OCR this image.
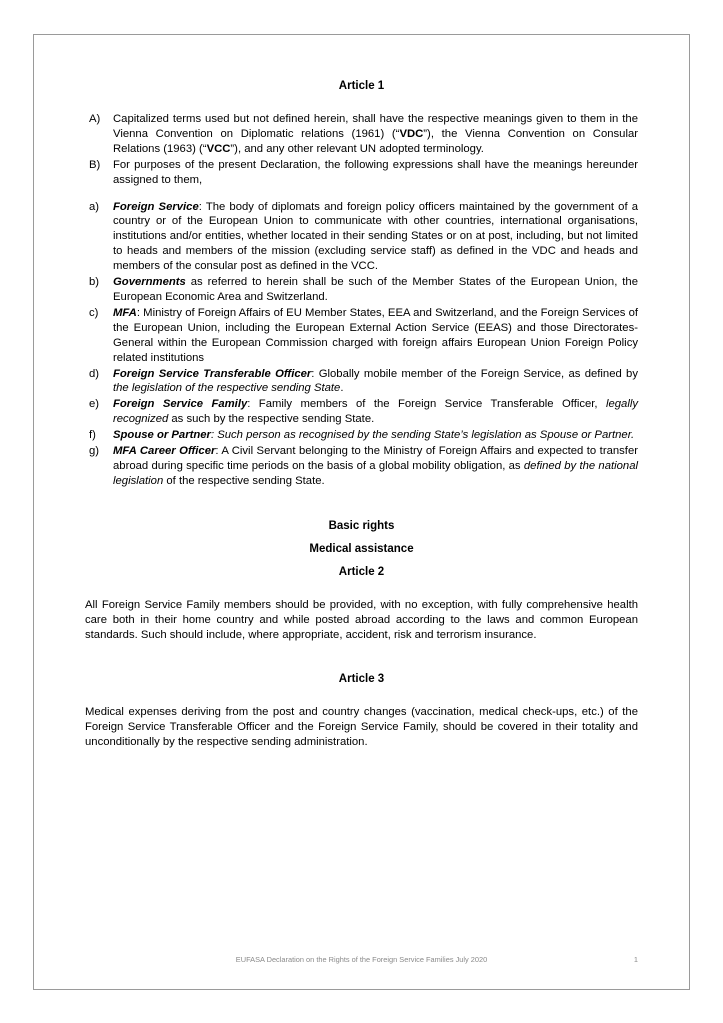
Article 1
A)	Capitalized terms used but not defined herein, shall have the respective meanings given to them in the Vienna Convention on Diplomatic relations (1961) (“VDC”), the Vienna Convention on Consular Relations (1963) (“VCC”), and any other relevant UN adopted terminology.
B)	For purposes of the present Declaration, the following expressions shall have the meanings hereunder assigned to them,
a)	Foreign Service: The body of diplomats and foreign policy officers maintained by the government of a country or of the European Union to communicate with other countries, international organisations, institutions and/or entities, whether located in their sending States or on at post, including, but not limited to heads and members of the mission (excluding service staff) as defined in the VDC and heads and members of the consular post as defined in the VCC.
b)	Governments as referred to herein shall be such of the Member States of the European Union, the European Economic Area and Switzerland.
c)	MFA: Ministry of Foreign Affairs of EU Member States, EEA and Switzerland, and the Foreign Services of the European Union, including the European External Action Service (EEAS) and those Directorates-General within the European Commission charged with foreign affairs European Union Foreign Policy related institutions
d)	Foreign Service Transferable Officer: Globally mobile member of the Foreign Service, as defined by the legislation of the respective sending State.
e)	Foreign Service Family: Family members of the Foreign Service Transferable Officer, legally recognized as such by the respective sending State.
f)	Spouse or Partner: Such person as recognised by the sending State’s legislation as Spouse or Partner.
g)	MFA Career Officer: A Civil Servant belonging to the Ministry of Foreign Affairs and expected to transfer abroad during specific time periods on the basis of a global mobility obligation, as defined by the national legislation of the respective sending State.
Basic rights
Medical assistance
Article 2

All Foreign Service Family members should be provided, with no exception, with fully comprehensive health care both in their home country and while posted abroad according to the laws and common European standards. Such should include, where appropriate, accident, risk and terrorism insurance.

Article 3

Medical expenses deriving from the post and country changes (vaccination, medical check-ups, etc.) of the Foreign Service Transferable Officer and the Foreign Service Family, should be covered in their totality and unconditionally by the respective sending administration.

EUFASA Declaration on the Rights of the Foreign Service Families July 2020	1
